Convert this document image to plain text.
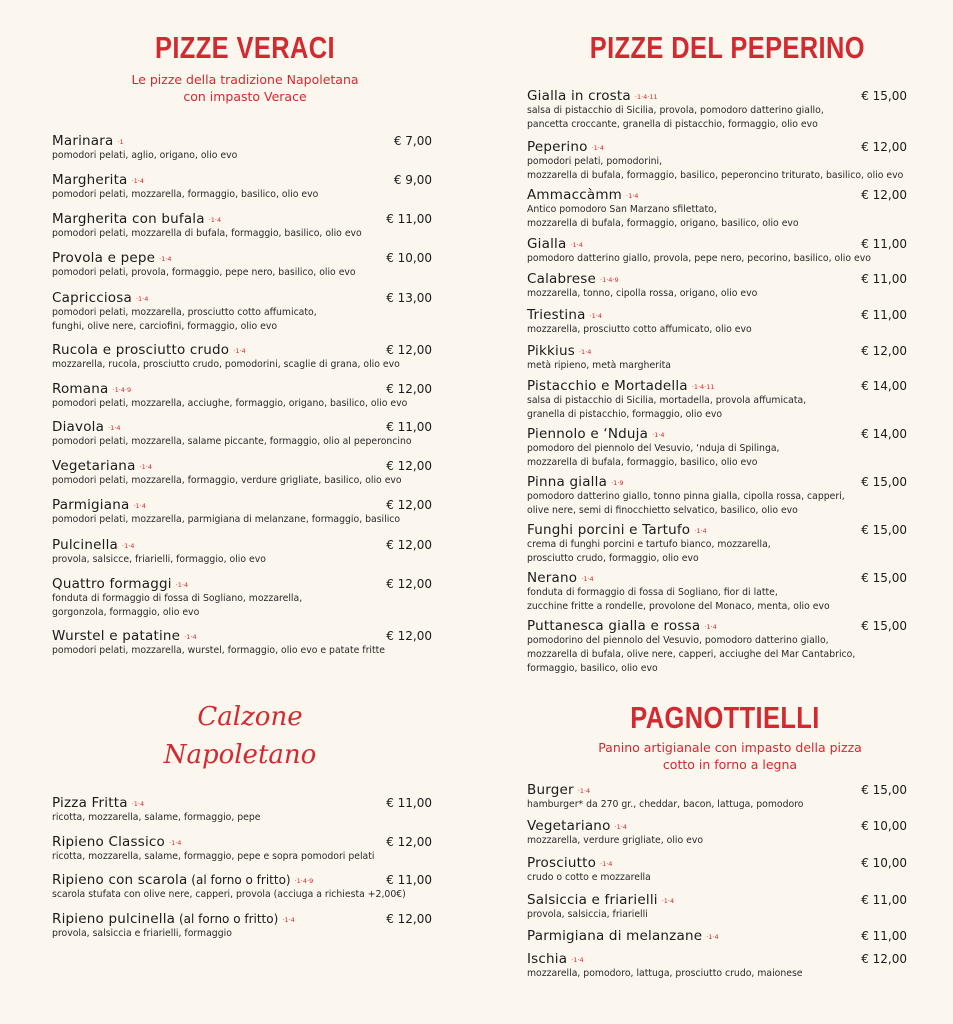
PIZZE VERACI
Le pizze della tradizione Napoletana
con impasto Verace
Marinara ·1	€ 7,00
pomodori pelati, aglio, origano, olio evo
Margherita ·1·4	€ 9,00
pomodori pelati, mozzarella, formaggio, basilico, olio evo
Margherita con bufala ·1·4	€ 11,00
pomodori pelati, mozzarella di bufala, formaggio, basilico, olio evo
Provola e pepe ·1·4	€ 10,00
pomodori pelati, provola, formaggio, pepe nero, basilico, olio evo
Capricciosa ·1·4	€ 13,00
pomodori pelati, mozzarella, prosciutto cotto affumicato,
funghi, olive nere, carciofini, formaggio, olio evo
Rucola e prosciutto crudo ·1·4	€ 12,00
mozzarella, rucola, prosciutto crudo, pomodorini, scaglie di grana, olio evo
Romana ·1·4·9	€ 12,00
pomodori pelati, mozzarella, acciughe, formaggio, origano, basilico, olio evo
Diavola ·1·4	€ 11,00
pomodori pelati, mozzarella, salame piccante, formaggio, olio al peperoncino
Vegetariana ·1·4	€ 12,00
pomodori pelati, mozzarella, formaggio, verdure grigliate, basilico, olio evo
Parmigiana ·1·4	€ 12,00
pomodori pelati, mozzarella, parmigiana di melanzane, formaggio, basilico
Pulcinella ·1·4	€ 12,00
provola, salsicce, friarielli, formaggio, olio evo
Quattro formaggi ·1·4	€ 12,00
fonduta di formaggio di fossa di Sogliano, mozzarella,
gorgonzola, formaggio, olio evo
Wurstel e patatine ·1·4	€ 12,00
pomodori pelati, mozzarella, wurstel, formaggio, olio evo e patate fritte
Calzone
Napoletano
Pizza Fritta ·1·4	€ 11,00
ricotta, mozzarella, salame, formaggio, pepe
Ripieno Classico ·1·4	€ 12,00
ricotta, mozzarella, salame, formaggio, pepe e sopra pomodori pelati
Ripieno con scarola (al forno o fritto) ·1·4·9	€ 11,00
scarola stufata con olive nere, capperi, provola (acciuga a richiesta +2,00€)
Ripieno pulcinella (al forno o fritto) ·1·4	€ 12,00
provola, salsiccia e friarielli, formaggio
PIZZE DEL PEPERINO
Gialla in crosta ·1·4·11	€ 15,00
salsa di pistacchio di Sicilia, provola, pomodoro datterino giallo,
pancetta croccante, granella di pistacchio, formaggio, olio evo
Peperino ·1·4	€ 12,00
pomodori pelati, pomodorini,
mozzarella di bufala, formaggio, basilico, peperoncino triturato, basilico, olio evo
Ammaccàmm ·1·4	€ 12,00
Antico pomodoro San Marzano sfilettato,
mozzarella di bufala, formaggio, origano, basilico, olio evo
Gialla ·1·4	€ 11,00
pomodoro datterino giallo, provola, pepe nero, pecorino, basilico, olio evo
Calabrese ·1·4·9	€ 11,00
mozzarella, tonno, cipolla rossa, origano, olio evo
Triestina ·1·4	€ 11,00
mozzarella, prosciutto cotto affumicato, olio evo
Pikkius ·1·4	€ 12,00
metà ripieno, metà margherita
Pistacchio e Mortadella ·1·4·11	€ 14,00
salsa di pistacchio di Sicilia, mortadella, provola affumicata,
granella di pistacchio, formaggio, olio evo
Piennolo e ‘Nduja ·1·4	€ 14,00
pomodoro del piennolo del Vesuvio, ‘nduja di Spilinga,
mozzarella di bufala, formaggio, basilico, olio evo
Pinna gialla ·1·9	€ 15,00
pomodoro datterino giallo, tonno pinna gialla, cipolla rossa, capperi,
olive nere, semi di finocchietto selvatico, basilico, olio evo
Funghi porcini e Tartufo ·1·4	€ 15,00
crema di funghi porcini e tartufo bianco, mozzarella,
prosciutto crudo, formaggio, olio evo
Nerano ·1·4	€ 15,00
fonduta di formaggio di fossa di Sogliano, fior di latte,
zucchine fritte a rondelle, provolone del Monaco, menta, olio evo
Puttanesca gialla e rossa ·1·4	€ 15,00
pomodorino del piennolo del Vesuvio, pomodoro datterino giallo,
mozzarella di bufala, olive nere, capperi, acciughe del Mar Cantabrico,
formaggio, basilico, olio evo
PAGNOTTIELLI
Panino artigianale con impasto della pizza
cotto in forno a legna
Burger ·1·4	€ 15,00
hamburger* da 270 gr., cheddar, bacon, lattuga, pomodoro
Vegetariano ·1·4	€ 10,00
mozzarella, verdure grigliate, olio evo
Prosciutto ·1·4	€ 10,00
crudo o cotto e mozzarella
Salsiccia e friarielli ·1·4	€ 11,00
provola, salsiccia, friarielli
Parmigiana di melanzane ·1·4	€ 11,00
Ischia ·1·4	€ 12,00
mozzarella, pomodoro, lattuga, prosciutto crudo, maionese
